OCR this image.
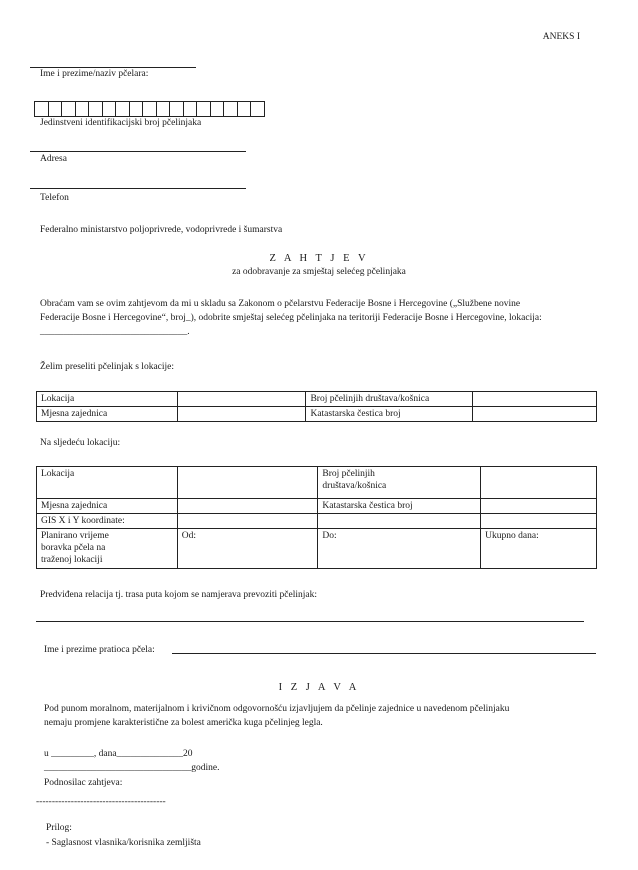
ANEKS I
Ime i prezime/naziv pčelara:
Jedinstveni identifikacijski broj pčelinjaka
Adresa
Telefon
Federalno ministarstvo poljoprivrede, vodoprivrede i šumarstva
Z A H T J E V
za odobravanje za smještaj selećeg pčelinjaka
Obraćam vam se ovim zahtjevom da mi u skladu sa Zakonom o pčelarstvu Federacije Bosne i Hercegovine („Službene novine
Federacije Bosne i Hercegovine“, broj_), odobrite smještaj selećeg pčelinjaka na teritoriji Federacije Bosne i Hercegovine, lokacija:
_______________________________.
Želim preseliti pčelinjak s lokacije:
Lokacija		Broj pčelinjih društava/košnica	
Mjesna zajednica		Katastarska čestica broj	
Na sljedeću lokaciju:
Lokacija		Broj pčelinjih
društava/košnica	
Mjesna zajednica		Katastarska čestica broj	
GIS X i Y koordinate:			
Planirano vrijeme
boravka pčela na
traženoj lokaciji	Od:	Do:	Ukupno dana:
Predviđena relacija tj. trasa puta kojom se namjerava prevoziti pčelinjak:
Ime i prezime pratioca pčela:
I Z J A V A
Pod punom moralnom, materijalnom i krivičnom odgovornošću izjavljujem da pčelinje zajednice u navedenom pčelinjaku
nemaju promjene karakteristične za bolest američka kuga pčelinjeg legla.
u _________, dana______________20
_______________________________godine.
Podnosilac zahtjeva:
-----------------------------------------
Prilog:
- Saglasnost vlasnika/korisnika zemljišta
